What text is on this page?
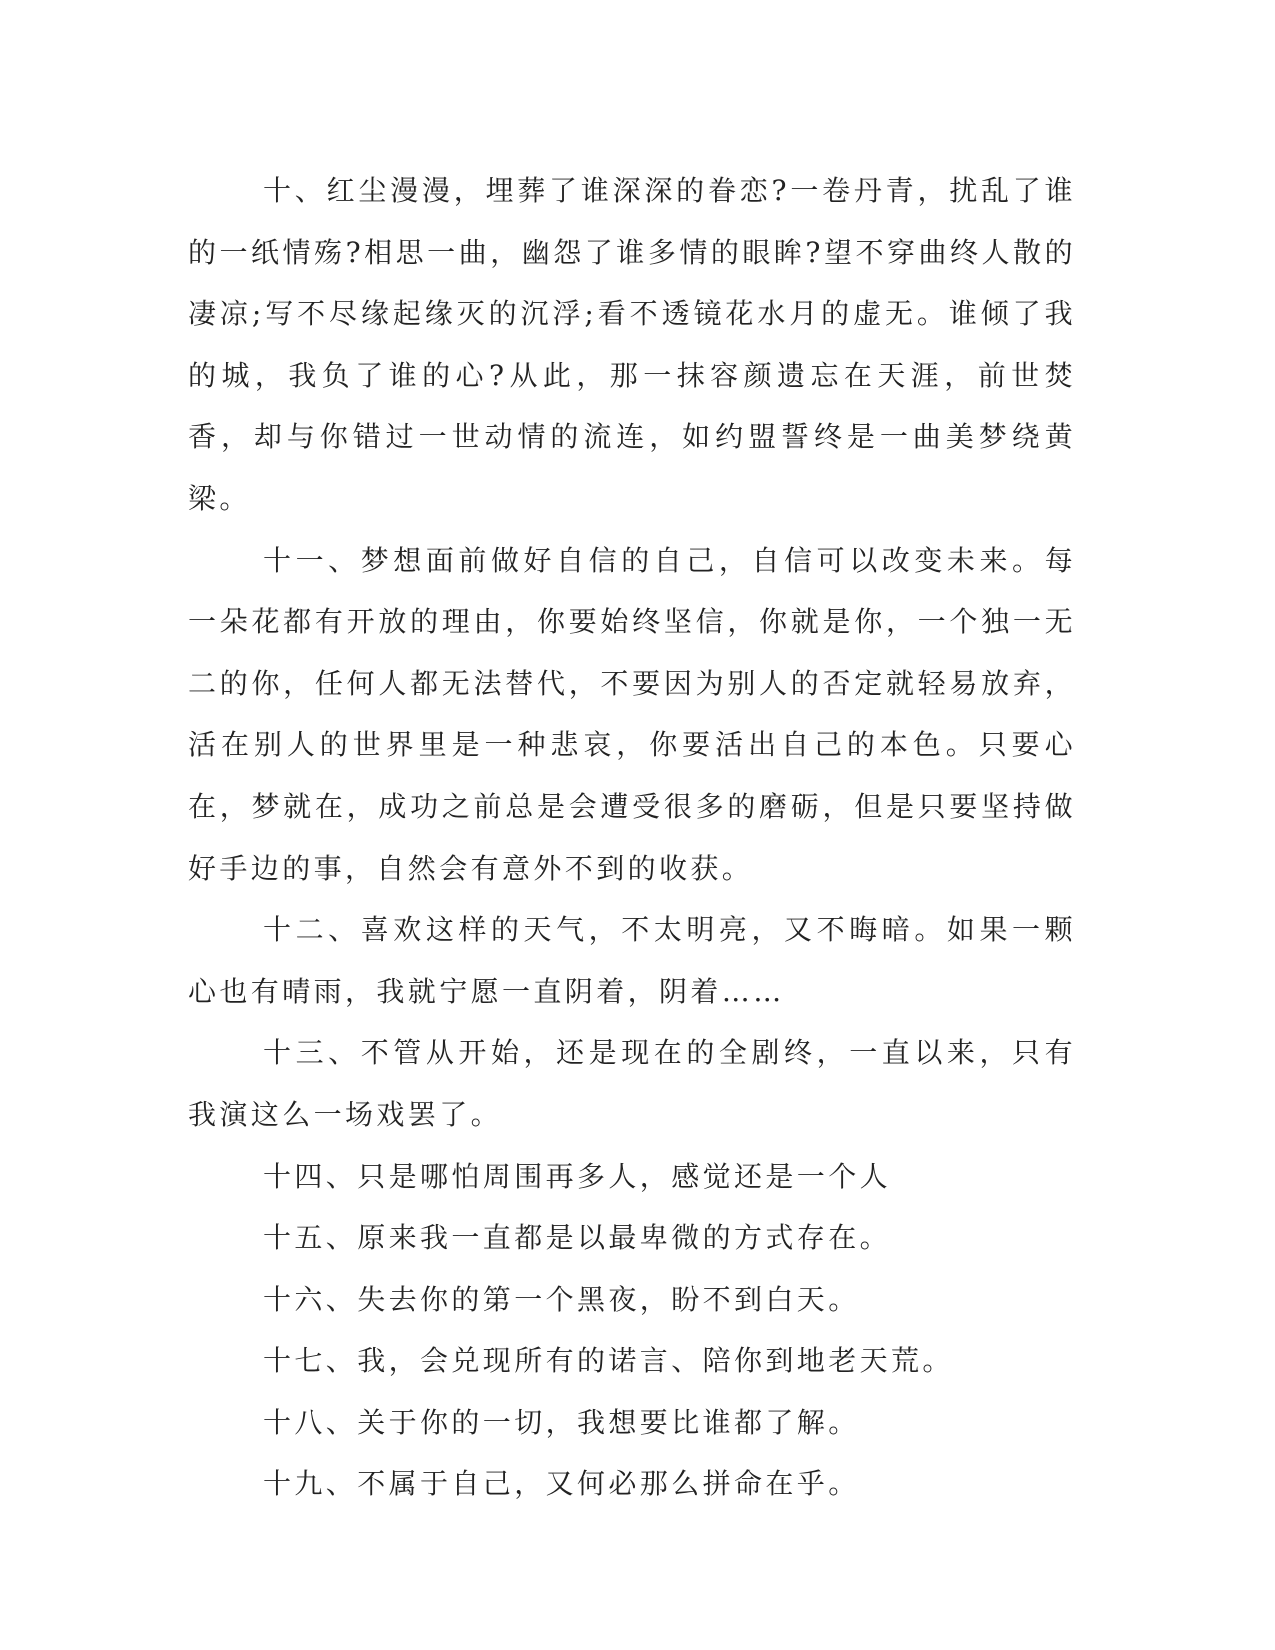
十、红尘漫漫，埋葬了谁深深的眷恋?一卷丹青，扰乱了谁的一纸情殇?相思一曲，幽怨了谁多情的眼眸?望不穿曲终人散的凄凉;写不尽缘起缘灭的沉浮;看不透镜花水月的虚无。谁倾了我的城，我负了谁的心?从此，那一抹容颜遗忘在天涯，前世焚香，却与你错过一世动情的流连，如约盟誓终是一曲美梦绕黄梁。

十一、梦想面前做好自信的自己，自信可以改变未来。每一朵花都有开放的理由，你要始终坚信，你就是你，一个独一无二的你，任何人都无法替代，不要因为别人的否定就轻易放弃，活在别人的世界里是一种悲哀，你要活出自己的本色。只要心在，梦就在，成功之前总是会遭受很多的磨砺，但是只要坚持做好手边的事，自然会有意外不到的收获。

十二、喜欢这样的天气，不太明亮，又不晦暗。如果一颗心也有晴雨，我就宁愿一直阴着，阴着……

十三、不管从开始，还是现在的全剧终，一直以来，只有我演这么一场戏罢了。

十四、只是哪怕周围再多人，感觉还是一个人

十五、原来我一直都是以最卑微的方式存在。

十六、失去你的第一个黑夜，盼不到白天。

十七、我，会兑现所有的诺言、陪你到地老天荒。

十八、关于你的一切，我想要比谁都了解。

十九、不属于自己，又何必那么拼命在乎。
